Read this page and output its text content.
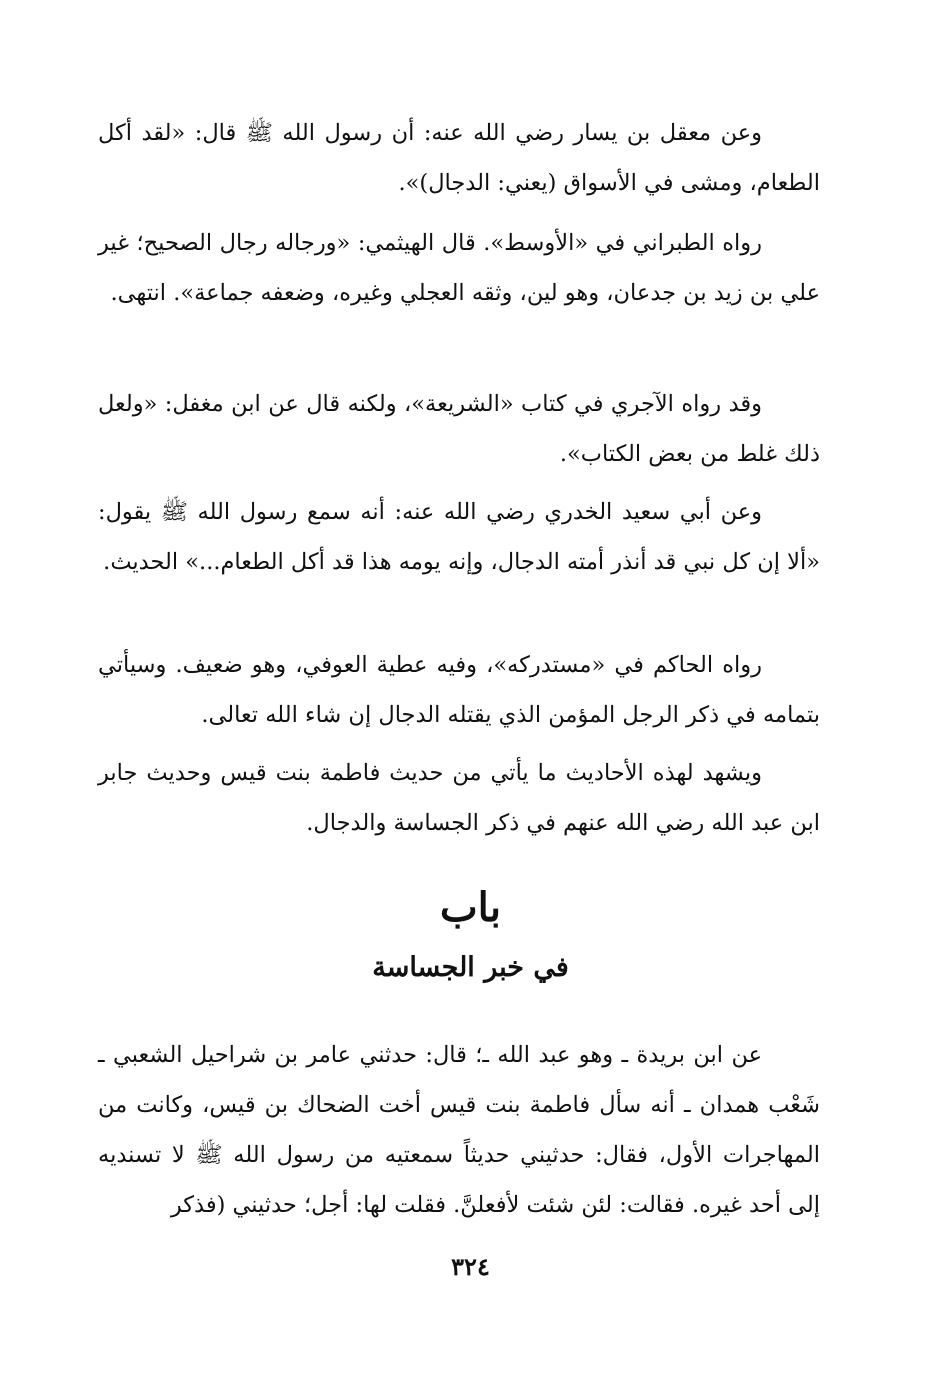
وعن معقل بن يسار رضي الله عنه: أن رسول الله ﷺ قال: «لقد أكل الطعام، ومشى في الأسواق (يعني: الدجال)».

رواه الطبراني في «الأوسط». قال الهيثمي: «ورجاله رجال الصحيح؛ غير علي بن زيد بن جدعان، وهو لين، وثقه العجلي وغيره، وضعفه جماعة». انتهى.

وقد رواه الآجري في كتاب «الشريعة»، ولكنه قال عن ابن مغفل: «ولعل ذلك غلط من بعض الكتاب».

وعن أبي سعيد الخدري رضي الله عنه: أنه سمع رسول الله ﷺ يقول: «ألا إن كل نبي قد أنذر أمته الدجال، وإنه يومه هذا قد أكل الطعام...» الحديث.

رواه الحاكم في «مستدركه»، وفيه عطية العوفي، وهو ضعيف. وسيأتي بتمامه في ذكر الرجل المؤمن الذي يقتله الدجال إن شاء الله تعالى.

ويشهد لهذه الأحاديث ما يأتي من حديث فاطمة بنت قيس وحديث جابر ابن عبد الله رضي الله عنهم في ذكر الجساسة والدجال.

باب
في خبر الجساسة

عن ابن بريدة ـ وهو عبد الله ـ؛ قال: حدثني عامر بن شراحيل الشعبي ـ شَعْب همدان ـ أنه سأل فاطمة بنت قيس أخت الضحاك بن قيس، وكانت من المهاجرات الأول، فقال: حدثيني حديثاً سمعتيه من رسول الله ﷺ لا تسنديه إلى أحد غيره. فقالت: لئن شئت لأفعلنَّ. فقلت لها: أجل؛ حدثيني (فذكر

٣٢٤
